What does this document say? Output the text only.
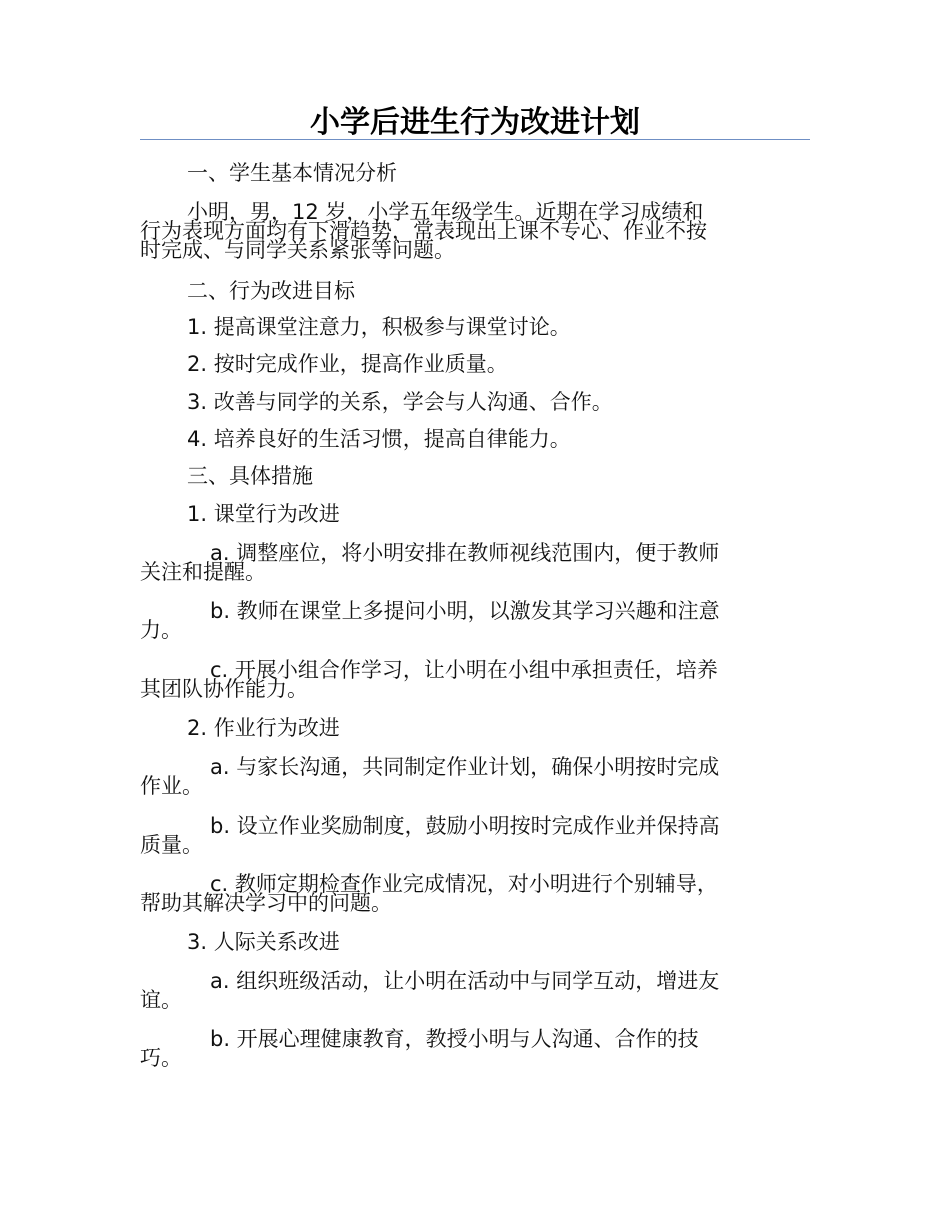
小学后进生行为改进计划
一、学生基本情况分析
小明，男，12 岁，小学五年级学生。近期在学习成绩和
行为表现方面均有下滑趋势，常表现出上课不专心、作业不按
时完成、与同学关系紧张等问题。
二、行为改进目标
1. 提高课堂注意力，积极参与课堂讨论。
2. 按时完成作业，提高作业质量。
3. 改善与同学的关系，学会与人沟通、合作。
4. 培养良好的生活习惯，提高自律能力。
三、具体措施
1. 课堂行为改进
a. 调整座位，将小明安排在教师视线范围内，便于教师
关注和提醒。
b. 教师在课堂上多提问小明，以激发其学习兴趣和注意
力。
c. 开展小组合作学习，让小明在小组中承担责任，培养
其团队协作能力。
2. 作业行为改进
a. 与家长沟通，共同制定作业计划，确保小明按时完成
作业。
b. 设立作业奖励制度，鼓励小明按时完成作业并保持高
质量。
c. 教师定期检查作业完成情况，对小明进行个别辅导，
帮助其解决学习中的问题。
3. 人际关系改进
a. 组织班级活动，让小明在活动中与同学互动，增进友
谊。
b. 开展心理健康教育，教授小明与人沟通、合作的技
巧。
